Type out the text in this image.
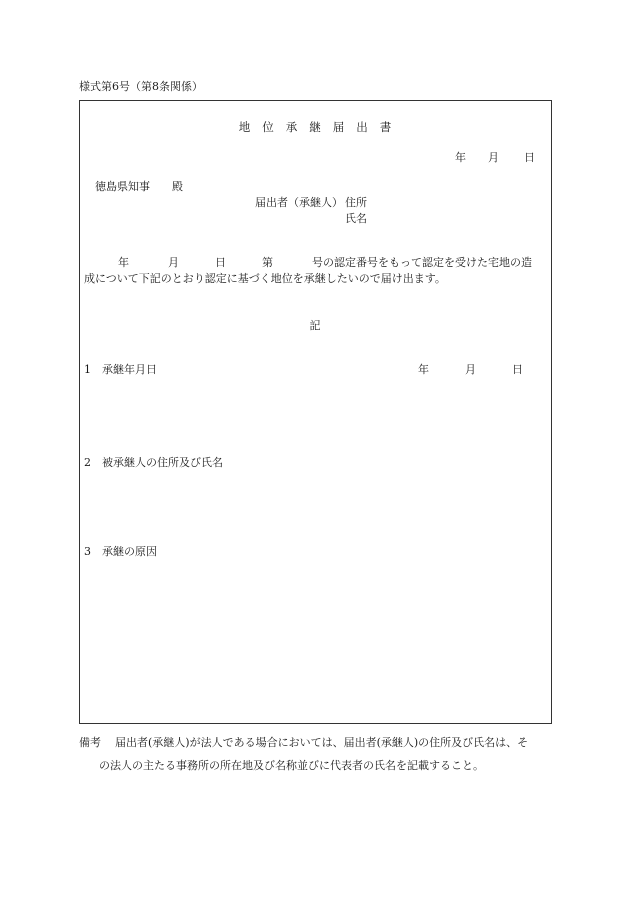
様式第6号（第8条関係）
地 位 承 継 届 出 書
年 月 日
徳島県知事　　殿
届出者（承継人） 住所
氏名
年	月	日	第	号の認定番号をもって認定を受けた宅地の造
成について下記のとおり認定に基づく地位を承継したいので届け出ます。
記
1 承継年月日	年	月	日
2 被承継人の住所及び氏名
3 承継の原因
備考 届出者(承継人)が法人である場合においては、届出者(承継人)の住所及び氏名は、そ
の法人の主たる事務所の所在地及び名称並びに代表者の氏名を記載すること。
